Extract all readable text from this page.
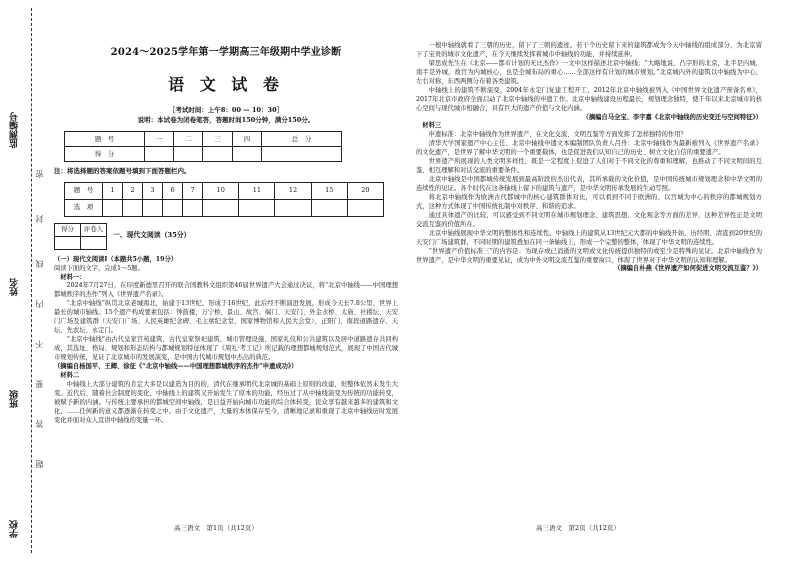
监测编号
姓名
班级
学校
密
封
线
内
不
要
答
题
2024～2025学年第一学期高三年级期中学业诊断
语 文 试 卷
［考试时间：上午8：00 — 10：30］
说明：本试卷为闭卷笔答，答题时间150分钟，满分150分。
题　号	一	二	三	四	总　分
得　分					
注：将选择题的答案依题号填到下面答题栏内。
题　号	1	2	3	6	7	10	11	12	15	20
选　项										
得分	评卷人

一、现代文阅读（35分）

（一）现代文阅读Ⅰ（本题共5小题，19分）

阅读下面的文字，完成1～5题。

材料一：

2024年7月27日，在印度新德里召开的联合国教科文组织第46届世界遗产大会通过决议，将“北京中轴线——中国理想都城秩序的杰作”列入《世界遗产名录》。

“北京中轴线”纵贯北京老城南北，始建于13世纪，形成于16世纪，此后经不断演进发展，形成今天长7.8公里、世界上最长的城市轴线。15个遗产构成要素包括：钟鼓楼、万宁桥、景山、故宫、端门、天安门、外金水桥、太庙、社稷坛、天安门广场及建筑群（天安门广场、人民英雄纪念碑、毛主席纪念堂、国家博物馆和人民大会堂）、正阳门、南段道路遗存、天坛、先农坛、永定门。

“北京中轴线”由古代皇家宫苑建筑、古代皇家祭祀建筑、城市管理设施、国家礼仪和公共建筑以及居中道路遗存共同构成，其选址、格局、规划和形态结构与都城规划特征体现了《周礼·考工记》所记载的理想都城规划范式，展现了中国古代城市规划传统，见证了北京城市的发展演变，是中国古代城市规划中杰出的典范。

（摘编自杨国平、王卿、徐征《“北京中轴线——中国理想都城秩序的杰作”申遗成功》）

材料二

中轴线上大部分建筑的肯定大多是以建造为目的的，清代在继承明代北京城的基础上原则的改建，但整体依然未发生大变。近代后，随着社会制度的变化，中轴线上的建筑又开始发生了原本的功能，经历过了从中轴线演变为传统的功能转变，被赋予新的内涵。与传统主要承担的都城空间中轴线，是日益开始向城市功能的综合体转变，民众享有越来越多的建筑和文化，……任何新的意义都逐渐在转变之中。由于文化遗产，大量的本体保存至今，清晰地记录和重现了北京中轴线历时发展变化并面对众人宣讲中轴线的变量一环。

高三语文　第1页（共12页）

一根中轴线就看了三朝的历史，留下了三朝的遗迹。若干个历史留下来的建筑都成为今天中轴线的组成部分，为北京留下了宝贵的城市文化遗产，在今天继续发挥着城市中轴线的功能，并持续延伸。

梁思成先生在《北京——都市计划的无比杰作》一文中这样描述北京中轴线：“大略地说，凸字形的北京，北半是内城，南半是外城，故宫为内城核心，也是全城布局的重心……全部这样有计划的城市规划。”北京城内外的建筑以中轴线为中心，左右对称，东西两侧分布着各类建筑。

中轴线上的建筑不断演变，2004年永定门复建工程开工，2012年北京中轴线被列入《中国世界文化遗产预备名单》，2017年北京市政府全面启动了北京中轴线的申遗工作。北京中轴线建设历程最长，规划理念独特，使千年以来北京城市的核心空间与现代城市相融合，具有巨大的遗产价值与文化内涵。

（摘编自马全宝、李宇嘉《北京中轴线的历史变迁与空间特征》）

材料三

申遗标准：北京中轴线作为世界遗产，在文化交流、文明互鉴等方面发挥了怎样独特的作用？

清华大学国家遗产中心主任、北京中轴线申遗文本编制团队负责人吕舟：北京中轴线作为最新被列入《世界遗产名录》的文化遗产，是世界了解中华文明的一个重要载体，也是促进我们认知自己的历史、树立文化自信的重要遗产。

世界遗产所展现的人类文明多样性，既是一定程度上促进了人们对于不同文化的尊重和理解，也推动了不同文明间的互鉴、相互理解和对话交流的重要条件。

北京中轴线是中国都城传统发展到最高阶段的杰出代表，其所承载的文化价值，是中国传统城市规划理念和中华文明的连续性的见证。各个时代在这条轴线上留下的建筑与遗产，是中华文明传承发展的生动写照。

将北京中轴线作为欧洲古代都城中的核心建筑群体对比，可以看到不同于欧洲的、以宫城为中心的秩序的都城规划方式，这种方式体现了中国传统礼制中对秩序、和谐的追求。

通过具体遗产的比较，可以感受到不同文明在城市规划理念、建筑思想、文化观念等方面的差异，这种差异性正是文明交流互鉴的价值所在。

北京中轴线展现中华文明的整体性和连续性。中轴线上的建筑从13世纪元大都的中轴线开始，历经明、清直到20世纪的天安门广场建筑群，不同时期的建筑叠加在同一条轴线上，形成一个完整的整体，体现了中华文明的连续性。

“世界遗产价值标准三”的内容是：为现存或已消逝的文明或文化传统提供独特的或至少是特殊的见证。北京中轴线作为世界遗产，是中华文明的重要见证，成为中外文明交流互鉴的重要窗口，体现了世界对于中华文明的认知和理解。

（摘编自朴燕《世界遗产如何促进文明交流互鉴？》）

高三语文　第2页（共12页）
